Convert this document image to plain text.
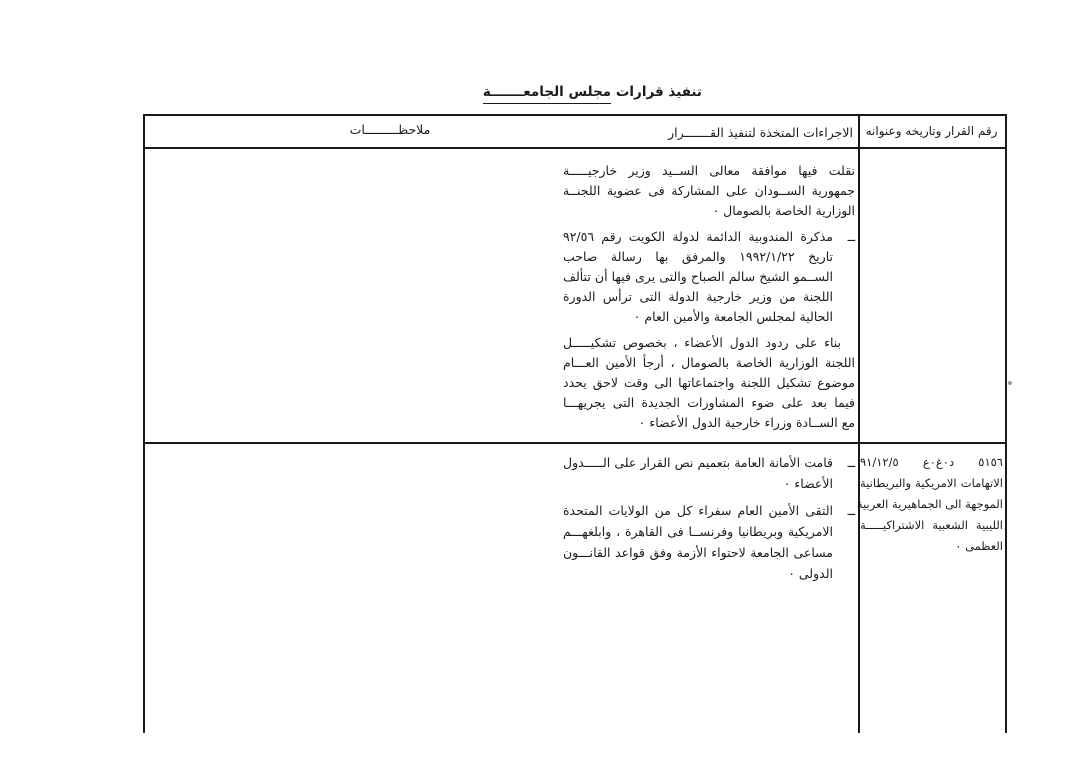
تنفيذ قرارات مجلس الجامعـــــــة
ملاحظـــــــــات	الاجراءات المتخذة لتنفيذ القـــــــرار	رقم القرار وتاريخه وعنوانه
نقلت فيها موافقة معالى الســيد وزير خارجيـــــة
جمهورية الســودان على المشاركة فى عضوية اللجنــة
الوزارية الخاصة بالصومال ٠
ــ
مذكرة المندوبية الدائمة لدولة الكويت رقم ٩٢/٥٦
تاريخ ١٩٩٢/١/٢٢ والمرفق بها رسالة صاحب
الســمو الشيخ سالم الصباح والتى يرى فيها أن تتألف
اللجنة من وزير خارجية الدولة التى ترأس الدورة
الحالية لمجلس الجامعة والأمين العام ٠
بناء على ردود الدول الأعضاء ، بخصوص تشكيـــــل
اللجنة الوزارية الخاصة بالصومال ، أرجأ الأمين العـــام
موضوع تشكيل اللجنة واجتماعاتها الى وقت لاحق يحدد
فيما بعد على ضوء المشاورات الجديدة التى يجريهـــا
مع الســادة وزراء خارجية الدول الأعضاء ٠
ــ
قامت الأمانة العامة بتعميم نص القرار على الـــــدول
الأعضاء ٠
ــ
التقى الأمين العام سفراء كل من الولايات المتحدة
الامريكية وبريطانيا وفرنســا فى القاهرة ، وابلغهـــم
مساعى الجامعة لاحتواء الأزمة وفق قواعد القانـــون
الدولى ٠
٥١٥٦ د٠غ٠ع ٩١/١٢/٥
الاتهامات الامريكية والبريطانية
الموجهة الى الجماهيرية العربية
الليبية الشعبية الاشتراكيـــــة
العظمى ٠
